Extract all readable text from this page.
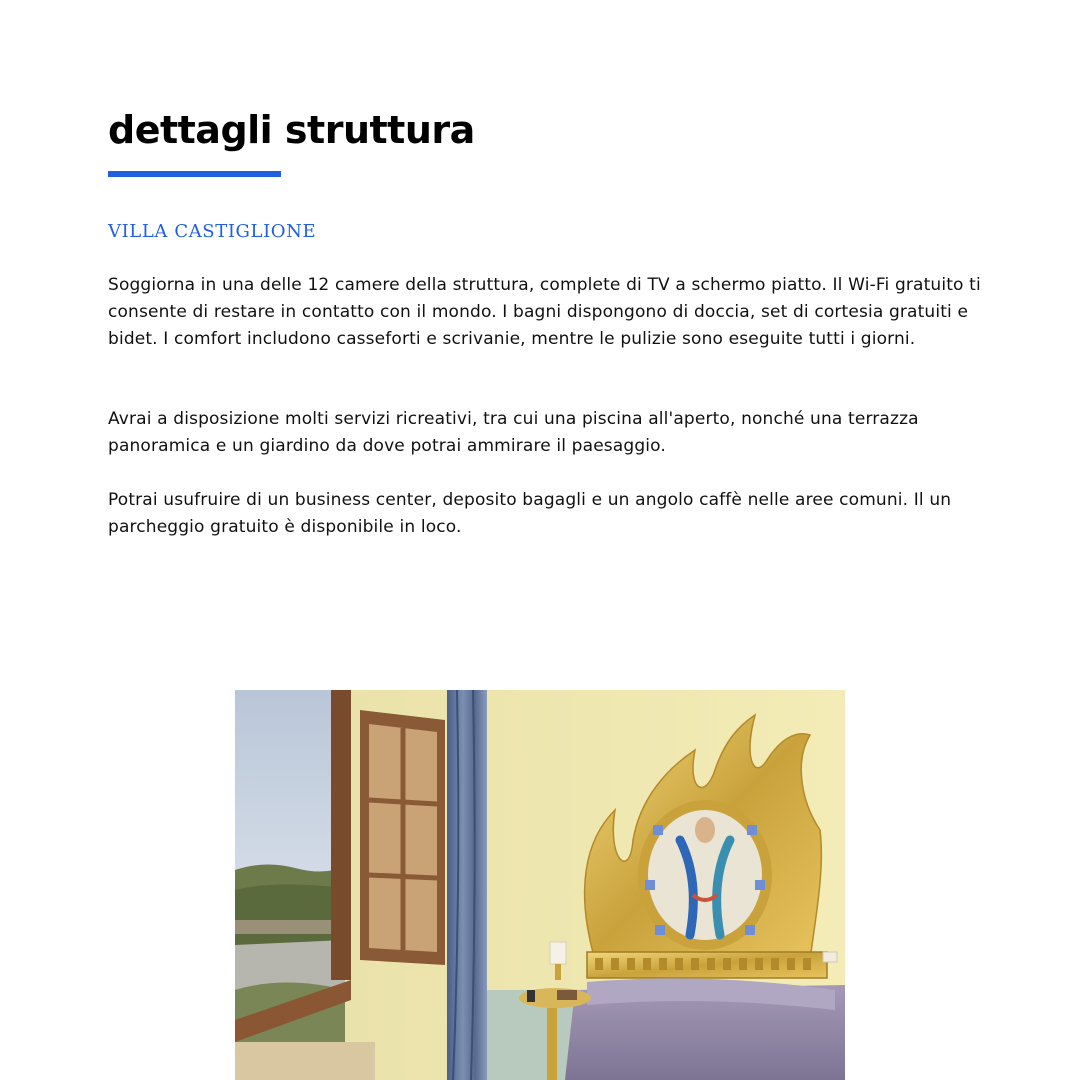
dettagli struttura
VILLA CASTIGLIONE

Soggiorna in una delle 12 camere della struttura, complete di TV a schermo piatto. Il Wi-Fi gratuito ti consente di restare in contatto con il mondo. I bagni dispongono di doccia, set di cortesia gratuiti e bidet. I comfort includono casseforti e scrivanie, mentre le pulizie sono eseguite tutti i giorni.

Avrai a disposizione molti servizi ricreativi, tra cui una piscina all'aperto, nonché una terrazza panoramica e un giardino da dove potrai ammirare il paesaggio.

Potrai usufruire di un business center, deposito bagagli e un angolo caffè nelle aree comuni. Il un parcheggio gratuito è disponibile in loco.
